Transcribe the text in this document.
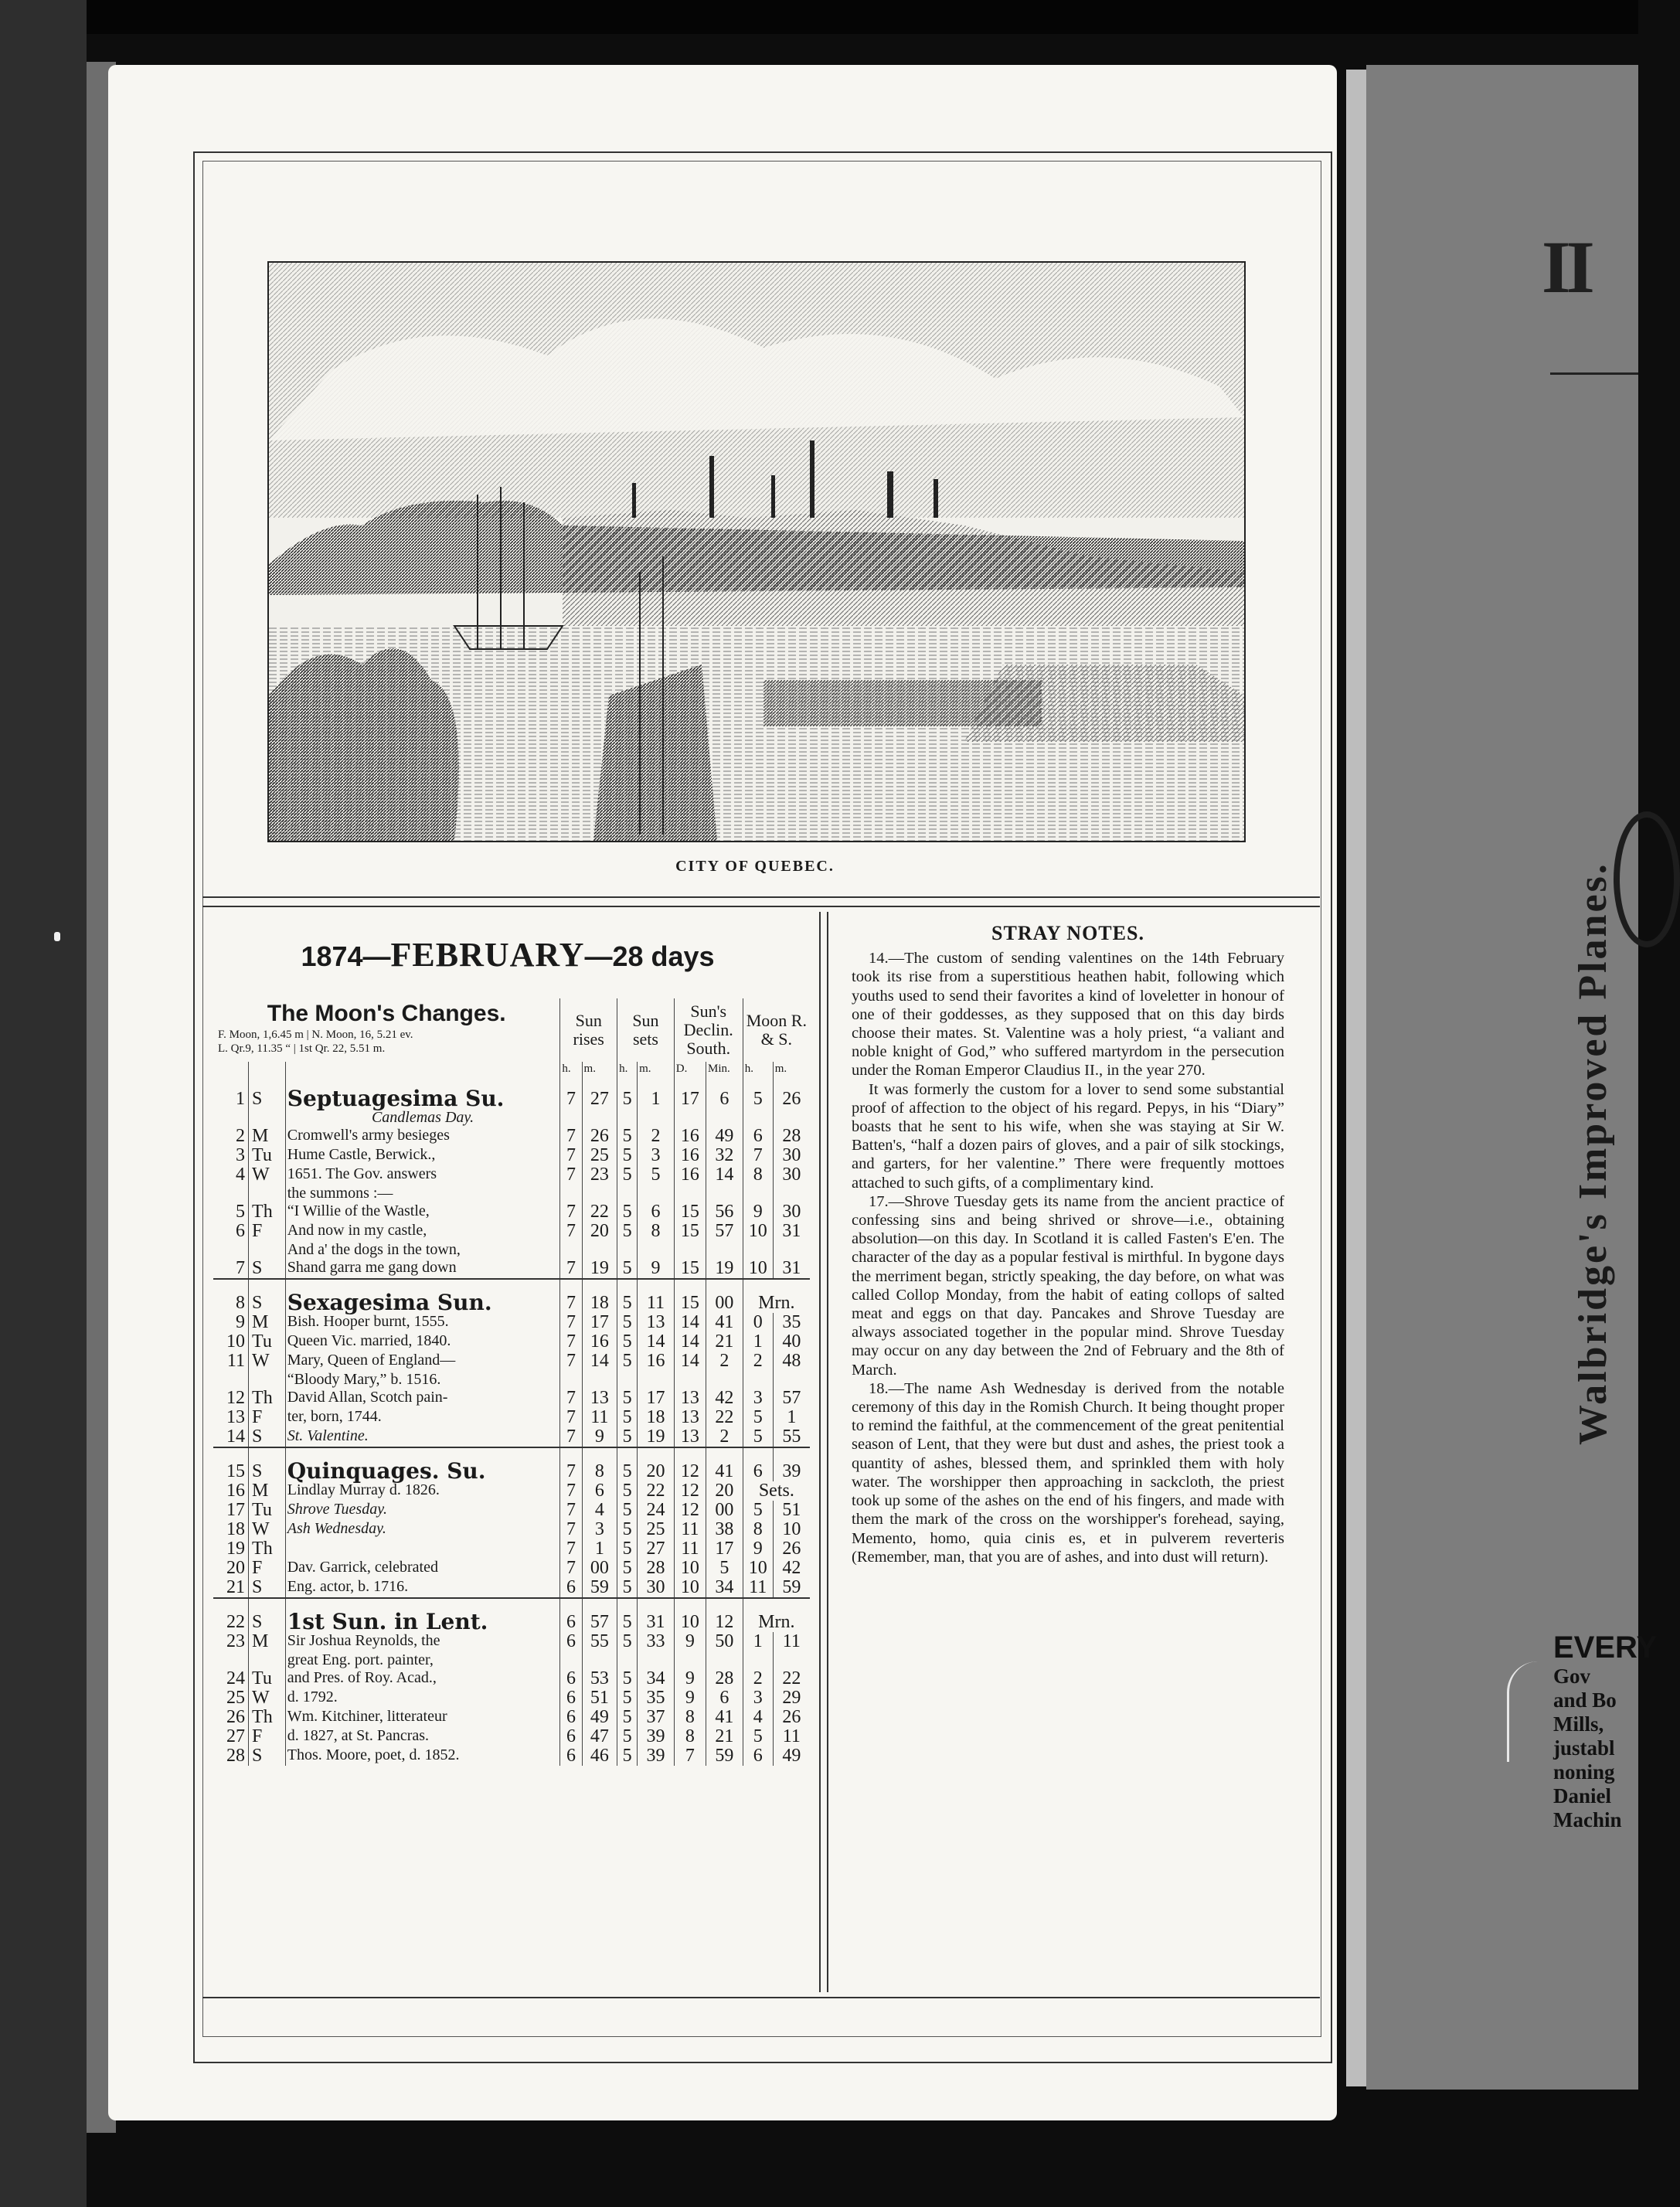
II
Walbridge's Improved Planes.
EVERY
Gov
and Bo
Mills,
justabl
noning
Daniel
Machin
CITY OF QUEBEC.
1874—FEBRUARY—28 days
The Moon's Changes.
F. Moon, 1,6.45 m | N. Moon, 16, 5.21 ev.
L. Qr.9, 11.35 “ | 1st Qr. 22, 5.51 m.			Sun rises		Sun sets		Sun's Declin. South.		Moon R. & S.	
			h.	m.	h.	m.	D.	Min.	h.	m.
1	S	Septuagesima Su.	7	27	5	1	17	6	5	26
		Candlemas Day.								
2	M	Cromwell's army besieges	7	26	5	2	16	49	6	28
3	Tu	Hume Castle, Berwick.,	7	25	5	3	16	32	7	30
4	W	1651. The Gov. answers	7	23	5	5	16	14	8	30
		the summons :—								
5	Th	“I Willie of the Wastle,	7	22	5	6	15	56	9	30
6	F	And now in my castle,	7	20	5	8	15	57	10	31
		And a' the dogs in the town,								
7	S	Shand garra me gang down	7	19	5	9	15	19	10	31
8	S	Sexagesima Sun.	7	18	5	11	15	00	Mrn.	
9	M	Bish. Hooper burnt, 1555.	7	17	5	13	14	41	0	35
10	Tu	Queen Vic. married, 1840.	7	16	5	14	14	21	1	40
11	W	Mary, Queen of England—	7	14	5	16	14	2	2	48
		“Bloody Mary,” b. 1516.								
12	Th	David Allan, Scotch pain-	7	13	5	17	13	42	3	57
13	F	ter, born, 1744.	7	11	5	18	13	22	5	1
14	S	St. Valentine.	7	9	5	19	13	2	5	55
15	S	Quinquages. Su.	7	8	5	20	12	41	6	39
16	M	Lindlay Murray d. 1826.	7	6	5	22	12	20	Sets.	
17	Tu	Shrove Tuesday.	7	4	5	24	12	00	5	51
18	W	Ash Wednesday.	7	3	5	25	11	38	8	10
19	Th		7	1	5	27	11	17	9	26
20	F	Dav. Garrick, celebrated	7	00	5	28	10	5	10	42
21	S	Eng. actor, b. 1716.	6	59	5	30	10	34	11	59
22	S	1st Sun. in Lent.	6	57	5	31	10	12	Mrn.	
23	M	Sir Joshua Reynolds, the	6	55	5	33	9	50	1	11
		great Eng. port. painter,								
24	Tu	and Pres. of Roy. Acad.,	6	53	5	34	9	28	2	22
25	W	d. 1792.	6	51	5	35	9	6	3	29
26	Th	Wm. Kitchiner, litterateur	6	49	5	37	8	41	4	26
27	F	d. 1827, at St. Pancras.	6	47	5	39	8	21	5	11
28	S	Thos. Moore, poet, d. 1852.	6	46	5	39	7	59	6	49
STRAY NOTES.

14.—The custom of sending valentines on the 14th February took its rise from a superstitious heathen habit, following which youths used to send their favorites a kind of loveletter in honour of one of their goddesses, as they supposed that on this day birds choose their mates. St. Valentine was a holy priest, “a valiant and noble knight of God,” who suffered martyrdom in the persecution under the Roman Emperor Claudius II., in the year 270.

It was formerly the custom for a lover to send some substantial proof of affection to the object of his regard. Pepys, in his “Diary” boasts that he sent to his wife, when she was staying at Sir W. Batten's, “half a dozen pairs of gloves, and a pair of silk stockings, and garters, for her valentine.” There were frequently mottoes attached to such gifts, of a complimentary kind.

17.—Shrove Tuesday gets its name from the ancient practice of confessing sins and being shrived or shrove—i.e., obtaining absolution—on this day. In Scotland it is called Fasten's E'en. The character of the day as a popular festival is mirthful. In bygone days the merriment began, strictly speaking, the day before, on what was called Collop Monday, from the habit of eating collops of salted meat and eggs on that day. Pancakes and Shrove Tuesday are always associated together in the popular mind. Shrove Tuesday may occur on any day between the 2nd of February and the 8th of March.

18.—The name Ash Wednesday is derived from the notable ceremony of this day in the Romish Church. It being thought proper to remind the faithful, at the commencement of the great penitential season of Lent, that they were but dust and ashes, the priest took a quantity of ashes, blessed them, and sprinkled them with holy water. The worshipper then approaching in sackcloth, the priest took up some of the ashes on the end of his fingers, and made with them the mark of the cross on the worshipper's forehead, saying, Memento, homo, quia cinis es, et in pulverem reverteris (Remember, man, that you are of ashes, and into dust will return).
